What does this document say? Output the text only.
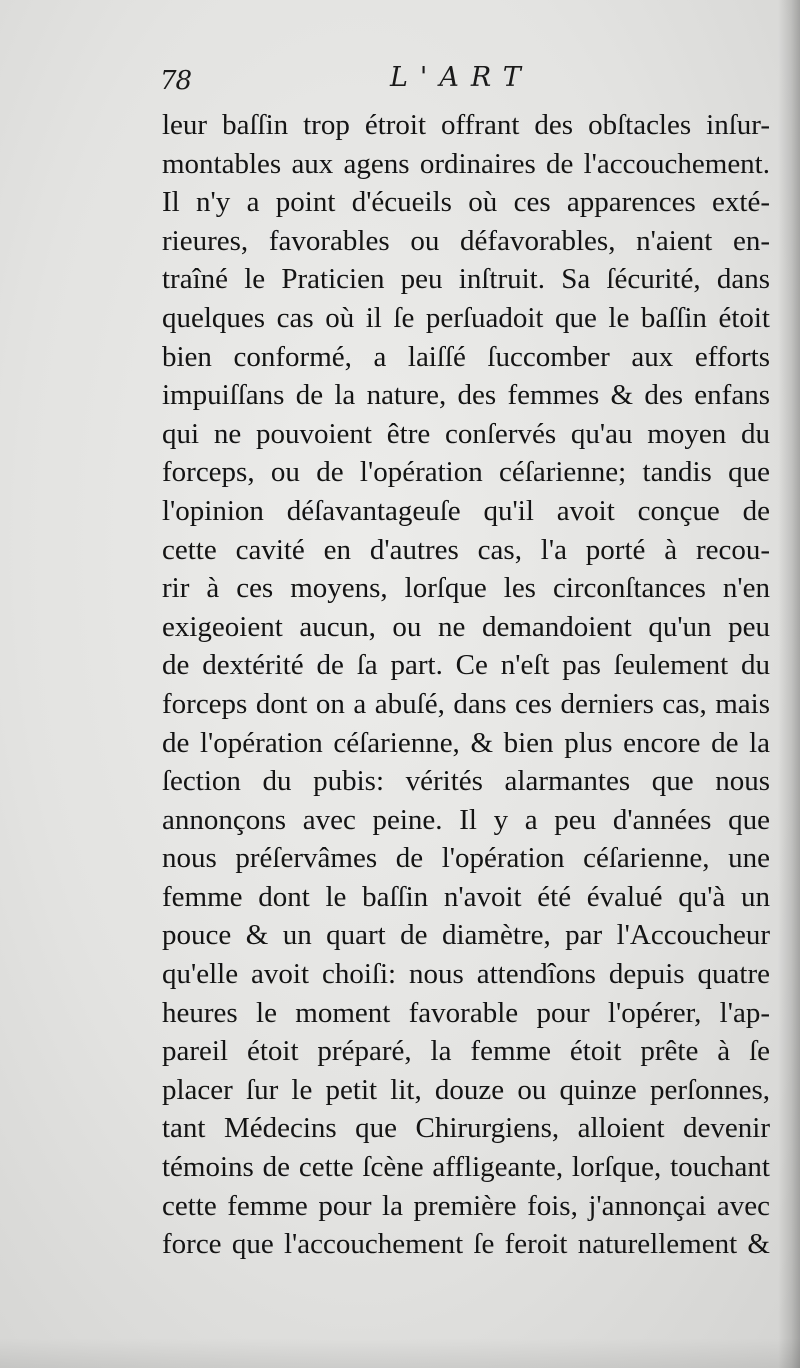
78	L'ART
leur baſſin trop étroit offrant des obſtacles inſur-
montables aux agens ordinaires de l'accouchement.
Il n'y a point d'écueils où ces apparences exté-
rieures, favorables ou défavorables, n'aient en-
traîné le Praticien peu inſtruit. Sa ſécurité, dans
quelques cas où il ſe perſuadoit que le baſſin étoit
bien conformé, a laiſſé ſuccomber aux efforts
impuiſſans de la nature, des femmes & des enfans
qui ne pouvoient être conſervés qu'au moyen du
forceps, ou de l'opération céſarienne; tandis que
l'opinion déſavantageuſe qu'il avoit conçue de
cette cavité en d'autres cas, l'a porté à recou-
rir à ces moyens, lorſque les circonſtances n'en
exigeoient aucun, ou ne demandoient qu'un peu
de dextérité de ſa part. Ce n'eſt pas ſeulement du
forceps dont on a abuſé, dans ces derniers cas, mais
de l'opération céſarienne, & bien plus encore de la
ſection du pubis: vérités alarmantes que nous
annonçons avec peine. Il y a peu d'années que
nous préſervâmes de l'opération céſarienne, une
femme dont le baſſin n'avoit été évalué qu'à un
pouce & un quart de diamètre, par l'Accoucheur
qu'elle avoit choiſi: nous attendîons depuis quatre
heures le moment favorable pour l'opérer, l'ap-
pareil étoit préparé, la femme étoit prête à ſe
placer ſur le petit lit, douze ou quinze perſonnes,
tant Médecins que Chirurgiens, alloient devenir
témoins de cette ſcène affligeante, lorſque, touchant
cette femme pour la première fois, j'annonçai avec
force que l'accouchement ſe feroit naturellement &
